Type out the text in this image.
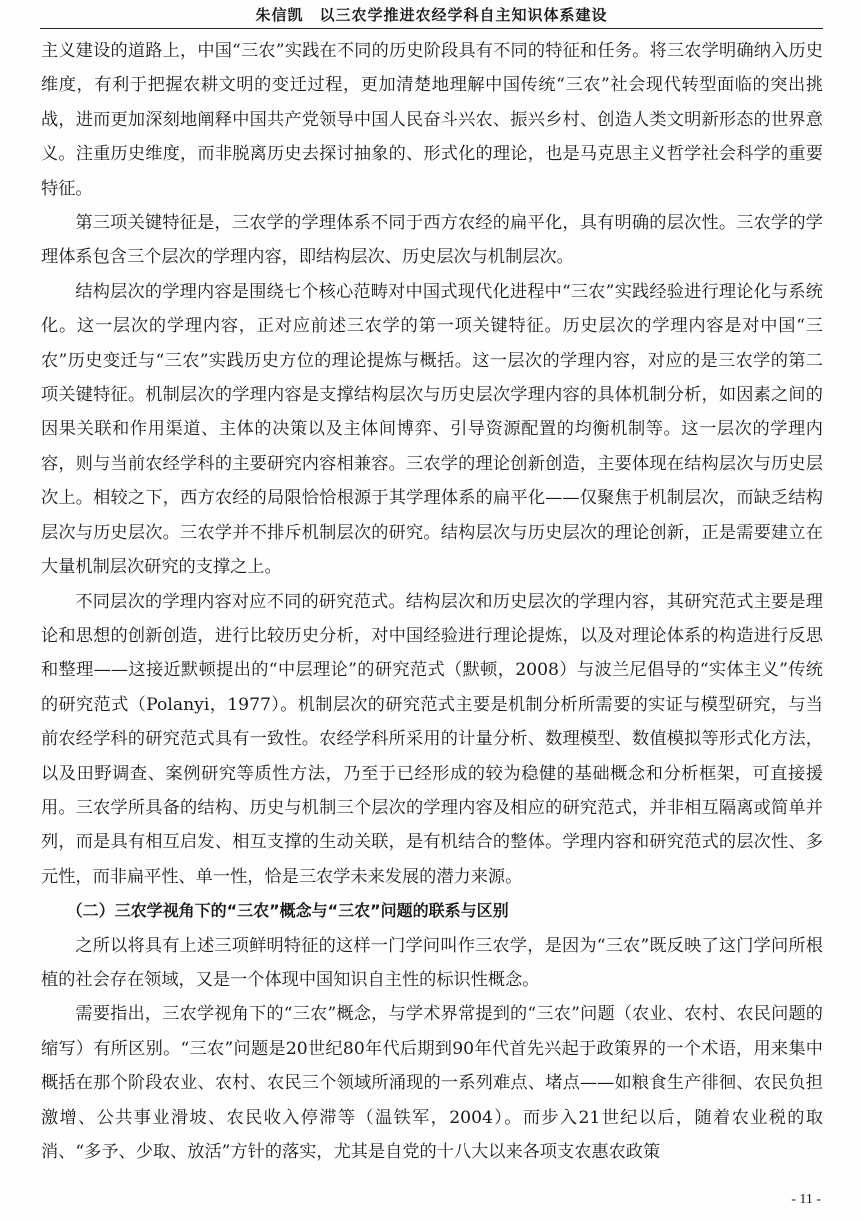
朱信凯　以三农学推进农经学科自主知识体系建设

主义建设的道路上，中国“三农”实践在不同的历史阶段具有不同的特征和任务。将三农学明确纳入历史维度，有利于把握农耕文明的变迁过程，更加清楚地理解中国传统“三农”社会现代转型面临的突出挑战，进而更加深刻地阐释中国共产党领导中国人民奋斗兴农、振兴乡村、创造人类文明新形态的世界意义。注重历史维度，而非脱离历史去探讨抽象的、形式化的理论，也是马克思主义哲学社会科学的重要特征。

第三项关键特征是，三农学的学理体系不同于西方农经的扁平化，具有明确的层次性。三农学的学理体系包含三个层次的学理内容，即结构层次、历史层次与机制层次。

结构层次的学理内容是围绕七个核心范畴对中国式现代化进程中“三农”实践经验进行理论化与系统化。这一层次的学理内容，正对应前述三农学的第一项关键特征。历史层次的学理内容是对中国“三农”历史变迁与“三农”实践历史方位的理论提炼与概括。这一层次的学理内容，对应的是三农学的第二项关键特征。机制层次的学理内容是支撑结构层次与历史层次学理内容的具体机制分析，如因素之间的因果关联和作用渠道、主体的决策以及主体间博弈、引导资源配置的均衡机制等。这一层次的学理内容，则与当前农经学科的主要研究内容相兼容。三农学的理论创新创造，主要体现在结构层次与历史层次上。相较之下，西方农经的局限恰恰根源于其学理体系的扁平化——仅聚焦于机制层次，而缺乏结构层次与历史层次。三农学并不排斥机制层次的研究。结构层次与历史层次的理论创新，正是需要建立在大量机制层次研究的支撑之上。

不同层次的学理内容对应不同的研究范式。结构层次和历史层次的学理内容，其研究范式主要是理论和思想的创新创造，进行比较历史分析，对中国经验进行理论提炼，以及对理论体系的构造进行反思和整理——这接近默顿提出的“中层理论”的研究范式（默顿，2008）与波兰尼倡导的“实体主义”传统的研究范式（Polanyi，1977）。机制层次的研究范式主要是机制分析所需要的实证与模型研究，与当前农经学科的研究范式具有一致性。农经学科所采用的计量分析、数理模型、数值模拟等形式化方法，以及田野调查、案例研究等质性方法，乃至于已经形成的较为稳健的基础概念和分析框架，可直接援用。三农学所具备的结构、历史与机制三个层次的学理内容及相应的研究范式，并非相互隔离或简单并列，而是具有相互启发、相互支撑的生动关联，是有机结合的整体。学理内容和研究范式的层次性、多元性，而非扁平性、单一性，恰是三农学未来发展的潜力来源。

（二）三农学视角下的“三农”概念与“三农”问题的联系与区别

之所以将具有上述三项鲜明特征的这样一门学问叫作三农学，是因为“三农”既反映了这门学问所根植的社会存在领域，又是一个体现中国知识自主性的标识性概念。

需要指出，三农学视角下的“三农”概念，与学术界常提到的“三农”问题（农业、农村、农民问题的缩写）有所区别。“三农”问题是20世纪80年代后期到90年代首先兴起于政策界的一个术语，用来集中概括在那个阶段农业、农村、农民三个领域所涌现的一系列难点、堵点——如粮食生产徘徊、农民负担激增、公共事业滑坡、农民收入停滞等（温铁军，2004）。而步入21世纪以后，随着农业税的取消、“多予、少取、放活”方针的落实，尤其是自党的十八大以来各项支农惠农政策

- 11 -
